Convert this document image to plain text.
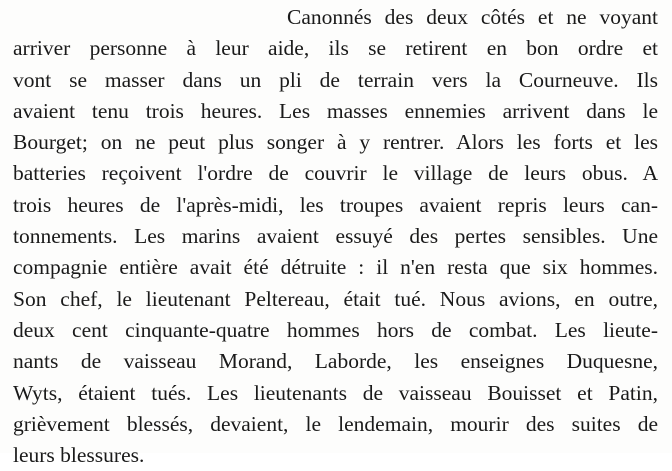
Canonnés des deux côtés et ne voyant
arriver personne à leur aide, ils se retirent en bon ordre et
vont se masser dans un pli de terrain vers la Courneuve. Ils
avaient tenu trois heures. Les masses ennemies arrivent dans le
Bourget; on ne peut plus songer à y rentrer. Alors les forts et les
batteries reçoivent l'ordre de couvrir le village de leurs obus. A
trois heures de l'après-midi, les troupes avaient repris leurs can-
tonnements. Les marins avaient essuyé des pertes sensibles. Une
compagnie entière avait été détruite : il n'en resta que six hommes.
Son chef, le lieutenant Peltereau, était tué. Nous avions, en outre,
deux cent cinquante-quatre hommes hors de combat. Les lieute-
nants de vaisseau Morand, Laborde, les enseignes Duquesne,
Wyts, étaient tués. Les lieutenants de vaisseau Bouisset et Patin,
grièvement blessés, devaient, le lendemain, mourir des suites de
leurs blessures.
